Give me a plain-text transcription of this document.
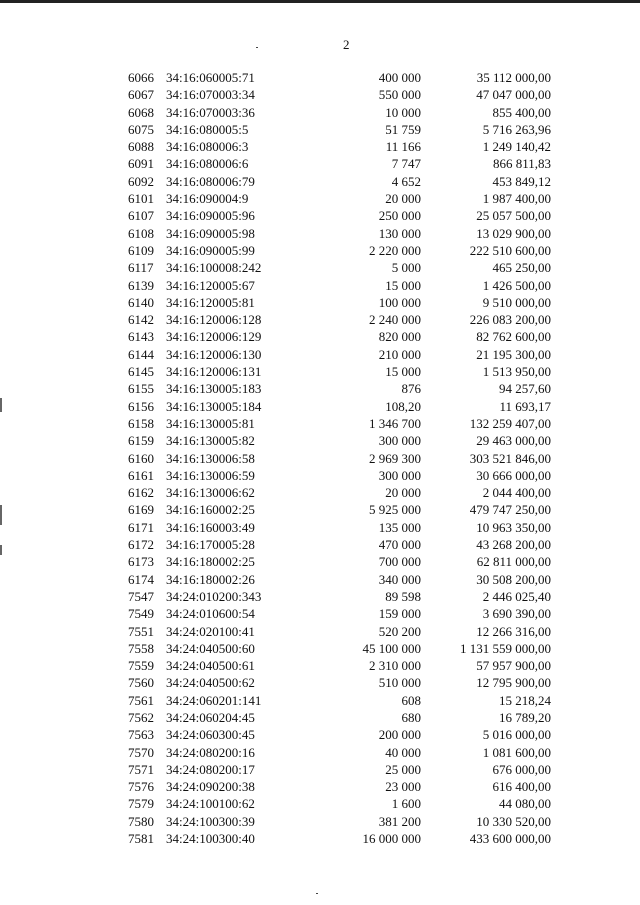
2
6066 34:16:060005:71	400 000	35 112 000,00
6067 34:16:070003:34	550 000	47 047 000,00
6068 34:16:070003:36	10 000	855 400,00
6075 34:16:080005:5	51 759	5 716 263,96
6088 34:16:080006:3	11 166	1 249 140,42
6091 34:16:080006:6	7 747	866 811,83
6092 34:16:080006:79	4 652	453 849,12
6101 34:16:090004:9	20 000	1 987 400,00
6107 34:16:090005:96	250 000	25 057 500,00
6108 34:16:090005:98	130 000	13 029 900,00
6109 34:16:090005:99	2 220 000	222 510 600,00
6117 34:16:100008:242	5 000	465 250,00
6139 34:16:120005:67	15 000	1 426 500,00
6140 34:16:120005:81	100 000	9 510 000,00
6142 34:16:120006:128	2 240 000	226 083 200,00
6143 34:16:120006:129	820 000	82 762 600,00
6144 34:16:120006:130	210 000	21 195 300,00
6145 34:16:120006:131	15 000	1 513 950,00
6155 34:16:130005:183	876	94 257,60
6156 34:16:130005:184	108,20	11 693,17
6158 34:16:130005:81	1 346 700	132 259 407,00
6159 34:16:130005:82	300 000	29 463 000,00
6160 34:16:130006:58	2 969 300	303 521 846,00
6161 34:16:130006:59	300 000	30 666 000,00
6162 34:16:130006:62	20 000	2 044 400,00
6169 34:16:160002:25	5 925 000	479 747 250,00
6171 34:16:160003:49	135 000	10 963 350,00
6172 34:16:170005:28	470 000	43 268 200,00
6173 34:16:180002:25	700 000	62 811 000,00
6174 34:16:180002:26	340 000	30 508 200,00
7547 34:24:010200:343	89 598	2 446 025,40
7549 34:24:010600:54	159 000	3 690 390,00
7551 34:24:020100:41	520 200	12 266 316,00
7558 34:24:040500:60	45 100 000	1 131 559 000,00
7559 34:24:040500:61	2 310 000	57 957 900,00
7560 34:24:040500:62	510 000	12 795 900,00
7561 34:24:060201:141	608	15 218,24
7562 34:24:060204:45	680	16 789,20
7563 34:24:060300:45	200 000	5 016 000,00
7570 34:24:080200:16	40 000	1 081 600,00
7571 34:24:080200:17	25 000	676 000,00
7576 34:24:090200:38	23 000	616 400,00
7579 34:24:100100:62	1 600	44 080,00
7580 34:24:100300:39	381 200	10 330 520,00
7581 34:24:100300:40	16 000 000	433 600 000,00
